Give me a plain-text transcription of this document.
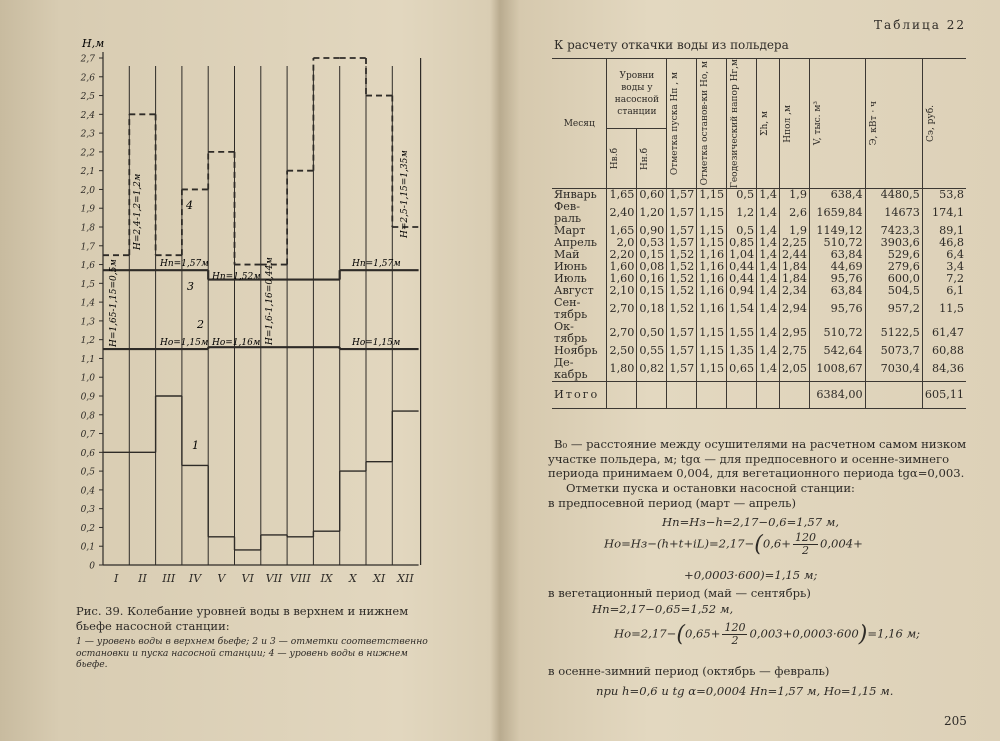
0
0,1
0,2
0,3
0,4
0,5
0,6
0,7
0,8
0,9
1,0
1,1
1,2
1,3
1,4
1,5
1,6
1,7
1,8
1,9
2,0
2,1
2,2
2,3
2,4
2,5
2,6
2,7
I II III IV V VI VII VIII IX X XI XII
H,м
Hп=1,57м
Hп=1,52м
Hп=1,57м
Hо=1,15м Hо=1,16м	Hо=1,15м
H=1,65-1,15=0,5м
H=2,4-1,2=1,2м
H=1,6-1,16=0,44м
H=2,5-1,15=1,35м
1
2
3
4
Рис. 39. Колебание уровней воды в верхнем и нижнем бьефе насосной станции:
1 — уровень воды в верхнем бьефе; 2 и 3 — отметки соответственно остановки и пуска насосной станции; 4 — уровень воды в нижнем бьефе.
Таблица 22
К расчету откачки воды из польдера
Месяц	Уровни воды у насосной станции		Отметка пуска Hп , м	Отметка останов-ки Hо, м	Геодезический напор Hг,м	Σh, м	Hпол ,м	V, тыс. м³	Э, кВт · ч	Cэ, руб.

	Hв.б	Hн.б								

Январь	1,65	0,60	1,57	1,15	0,5	1,4	1,9	638,4	4480,5	53,8
Фев-
раль	2,40	1,20	1,57	1,15	1,2	1,4	2,6	1659,84	14673	174,1
Март	1,65	0,90	1,57	1,15	0,5	1,4	1,9	1149,12	7423,3	89,1
Апрель	2,0	0,53	1,57	1,15	0,85	1,4	2,25	510,72	3903,6	46,8
Май	2,20	0,15	1,52	1,16	1,04	1,4	2,44	63,84	529,6	6,4
Июнь	1,60	0,08	1,52	1,16	0,44	1,4	1,84	44,69	279,6	3,4
Июль	1,60	0,16	1,52	1,16	0,44	1,4	1,84	95,76	600,0	7,2
Август	2,10	0,15	1,52	1,16	0,94	1,4	2,34	63,84	504,5	6,1
Сен-
тябрь	2,70	0,18	1,52	1,16	1,54	1,4	2,94	95,76	957,2	11,5
Ок-
тябрь	2,70	0,50	1,57	1,15	1,55	1,4	2,95	510,72	5122,5	61,47
Ноябрь	2,50	0,55	1,57	1,15	1,35	1,4	2,75	542,64	5073,7	60,88
Де-
кабрь	1,80	0,82	1,57	1,15	0,65	1,4	2,05	1008,67	7030,4	84,36
Итого								6384,00		605,11
B₀ — расстояние между осушителями на расчетном самом низком участке польдера, м; tgα — для предпосевного и осенне-зимнего периода принимаем 0,004, для вегетационного периода tgα=0,003.
Отметки пуска и остановки насосной станции:
в предпосевной период (март — апрель)
Hп=Hз−h=2,17−0,6=1,57 м,
$Hо=Hз-(h+t+iL)=2,17-(0,6+ \frac{120}{2} 0,004+$
+0,0003·600)=1,15 м;
в вегетационный период (май — сентябрь)
Hп=2,17−0,65=1,52 м,
$Hо=2,17-(0,65+ \frac{120}{2} 0,003+0,0003\cdot 600)=1,16$ м;
в осенне-зимний период (октябрь — февраль)
при h=0,6 и tg α=0,0004 Hп=1,57 м, Hо=1,15 м.
205
